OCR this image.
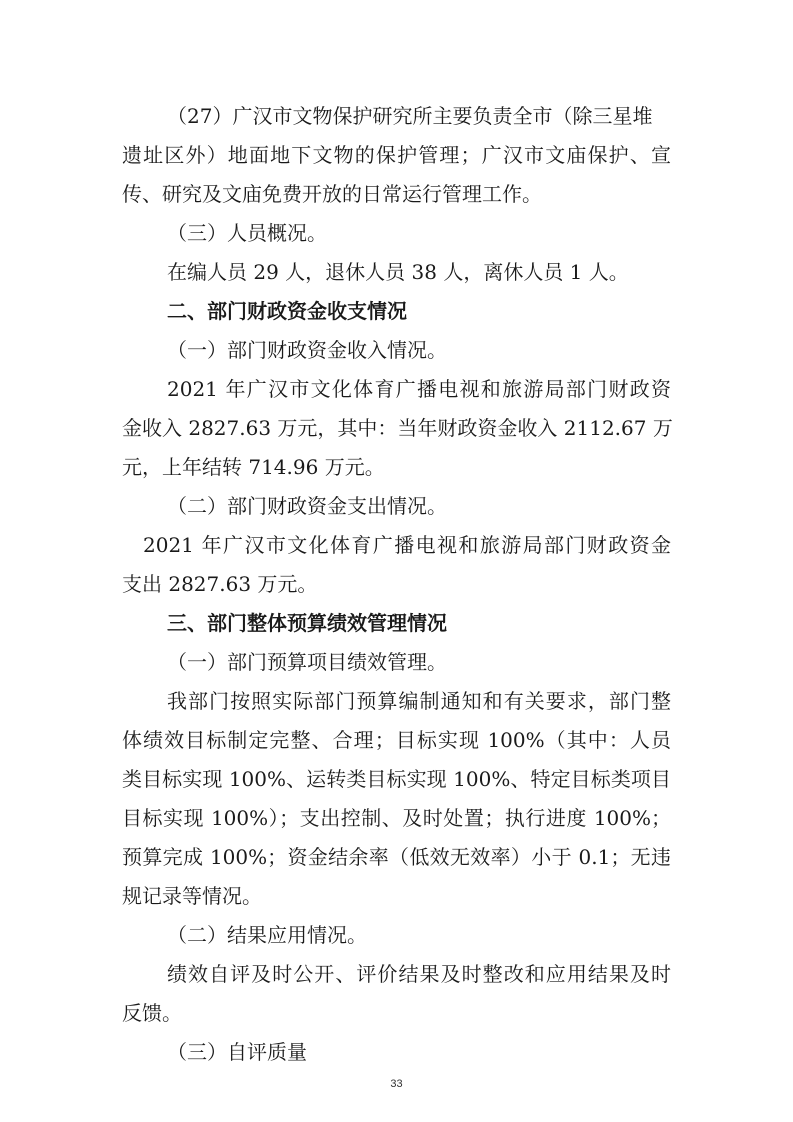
（27）广汉市文物保护研究所主要负责全市（除三星堆
遗址区外）地面地下文物的保护管理；广汉市文庙保护、宣
传、研究及文庙免费开放的日常运行管理工作。
（三）人员概况。
在编人员 29 人，退休人员 38 人，离休人员 1 人。
二、部门财政资金收支情况
（一）部门财政资金收入情况。
2021 年广汉市文化体育广播电视和旅游局部门财政资
金收入 2827.63 万元，其中：当年财政资金收入 2112.67 万
元，上年结转 714.96 万元。
（二）部门财政资金支出情况。
2021 年广汉市文化体育广播电视和旅游局部门财政资金
支出 2827.63 万元。
三、部门整体预算绩效管理情况
（一）部门预算项目绩效管理。
我部门按照实际部门预算编制通知和有关要求，部门整
体绩效目标制定完整、合理；目标实现 100%（其中：人员
类目标实现 100%、运转类目标实现 100%、特定目标类项目
目标实现 100%）；支出控制、及时处置；执行进度 100%；
预算完成 100%；资金结余率（低效无效率）小于 0.1；无违
规记录等情况。
（二）结果应用情况。
绩效自评及时公开、评价结果及时整改和应用结果及时
反馈。
（三）自评质量
33
